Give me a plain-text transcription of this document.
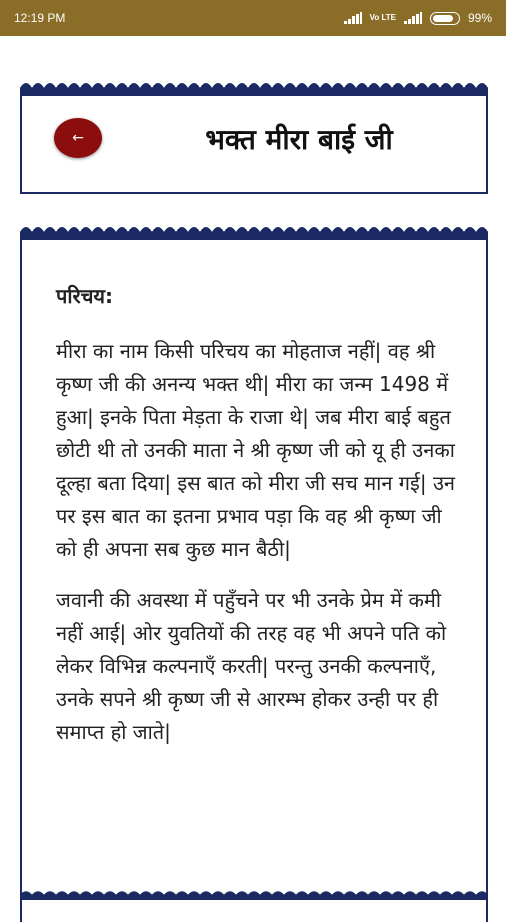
12:19 PM	Vo LTE	99%
←	भक्त मीरा बाई जी
परिचय:

मीरा का नाम किसी परिचय का मोहताज नहीं| वह श्री कृष्ण जी की अनन्य भक्त थी| मीरा का जन्म 1498 में हुआ| इनके पिता मेड़ता के राजा थे| जब मीरा बाई बहुत छोटी थी तो उनकी माता ने श्री कृष्ण जी को यू ही उनका दूल्हा बता दिया| इस बात को मीरा जी सच मान गई| उन पर इस बात का इतना प्रभाव पड़ा कि वह श्री कृष्ण जी को ही अपना सब कुछ मान बैठी|

जवानी की अवस्था में पहुँचने पर भी उनके प्रेम में कमी नहीं आई| ओर युवतियों की तरह वह भी अपने पति को लेकर विभिन्न कल्पनाएँ करती| परन्तु उनकी कल्पनाएँ, उनके सपने श्री कृष्ण जी से आरम्भ होकर उन्ही पर ही समाप्त हो जाते|
